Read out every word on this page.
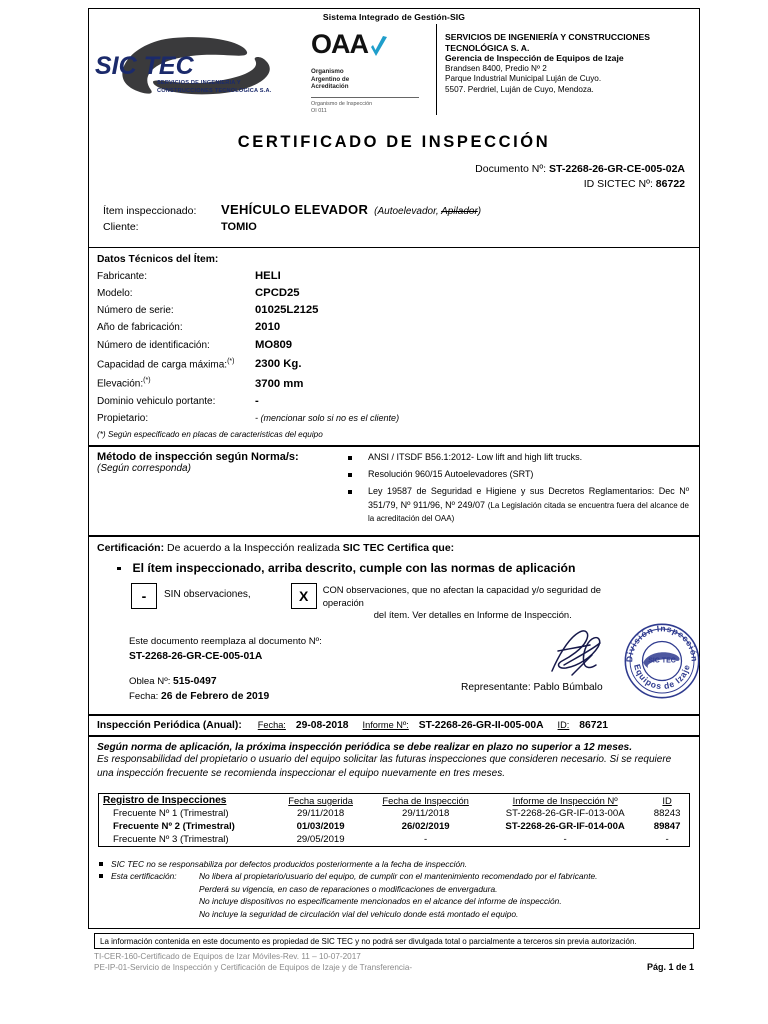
Sistema Integrado de Gestión-SIG
SIC TEC
SERVICIOS DE INGENIERIA Y
CONSTRUCCIONES TECNOLOGICA S.A.
OAA
Organismo
Argentino de
Acreditación
Organismo de Inspección
OI 011
SERVICIOS DE INGENIERÍA Y CONSTRUCCIONES
TECNOLÓGICA S. A.
Gerencia de Inspección de Equipos de Izaje
Brandsen 8400, Predio Nº 2
Parque Industrial Municipal Luján de Cuyo.
5507. Perdriel, Luján de Cuyo, Mendoza.
CERTIFICADO DE INSPECCIÓN
Documento Nº: ST-2268-26-GR-CE-005-02A
ID SICTEC Nº: 86722
Ítem inspeccionado:	VEHÍCULO ELEVADOR (Autoelevador, Apilador)
Cliente:	TOMIO
Datos Técnicos del Ítem:
Fabricante:	HELI
Modelo:	CPCD25
Número de serie:	01025L2125
Año de fabricación:	2010
Número de identificación:	MO809
Capacidad de carga máxima:(*)	2300 Kg.
Elevación:(*)	3700 mm
Dominio vehiculo portante:	-
Propietario:	- (mencionar solo si no es el cliente)
(*) Según especificado en placas de caracteristicas del equipo
Método de inspección según Norma/s:
(Según corresponda)
ANSI / ITSDF B56.1:2012- Low lift and high lift trucks.
Resolución 960/15 Autoelevadores (SRT)
Ley 19587 de Seguridad e Higiene y sus Decretos Reglamentarios: Dec Nº 351/79, Nº 911/96, Nº 249/07 (La Legislación citada se encuentra fuera del alcance de la acreditación del OAA)
Certificación: De acuerdo a la Inspección realizada SIC TEC Certifica que:
El ítem inspeccionado, arriba descrito, cumple con las normas de aplicación
-	SIN observaciones,	X	CON observaciones, que no afectan la capacidad y/o seguridad de operación
del ítem. Ver detalles en Informe de Inspección.
Este documento reemplaza al documento Nº:
ST-2268-26-GR-CE-005-01A
Oblea Nº: 515-0497
Fecha: 26 de Febrero de 2019
Representante: Pablo Búmbalo
División Inspección
Equipos de Izaje
SIC TEC
Inspección Periódica (Anual): Fecha: 29-08-2018 Informe Nº: ST-2268-26-GR-II-005-00A ID: 86721
Según norma de aplicación, la próxima inspección periódica se debe realizar en plazo no superior a 12 meses.
Es responsabilidad del propietario o usuario del equipo solicitar las futuras inspecciones que consideren necesario. Si se requiere una inspección frecuente se recomienda inspeccionar el equipo nuevamente en tres meses.
Registro de Inspecciones	Fecha sugerida	Fecha de Inspección	Informe de Inspección Nº	ID
Frecuente Nº 1 (Trimestral)	29/11/2018	29/11/2018	ST-2268-26-GR-IF-013-00A	88243
Frecuente Nº 2 (Trimestral)	01/03/2019	26/02/2019	ST-2268-26-GR-IF-014-00A	89847
Frecuente Nº 3 (Trimestral)	29/05/2019	-	-	-
SIC TEC no se responsabiliza por defectos producidos posteriormente a la fecha de inspección.
Esta certificación:	No libera al propietario/usuario del equipo, de cumplir con el mantenimiento recomendado por el fabricante.
Perderá su vigencia, en caso de reparaciones o modificaciones de envergadura.
No incluye dispositivos no especificamente mencionados en el alcance del informe de inspección.
No incluye la seguridad de circulación vial del vehiculo donde está montado el equipo.
La información contenida en este documento es propiedad de SIC TEC y no podrá ser divulgada total o parcialmente a terceros sin previa autorización.
TI-CER-160-Certificado de Equipos de Izar Móviles-Rev. 11 – 10-07-2017
PE-IP-01-Servicio de Inspección y Certificación de Equipos de Izaje y de Transferencia-	Pág. 1 de 1
